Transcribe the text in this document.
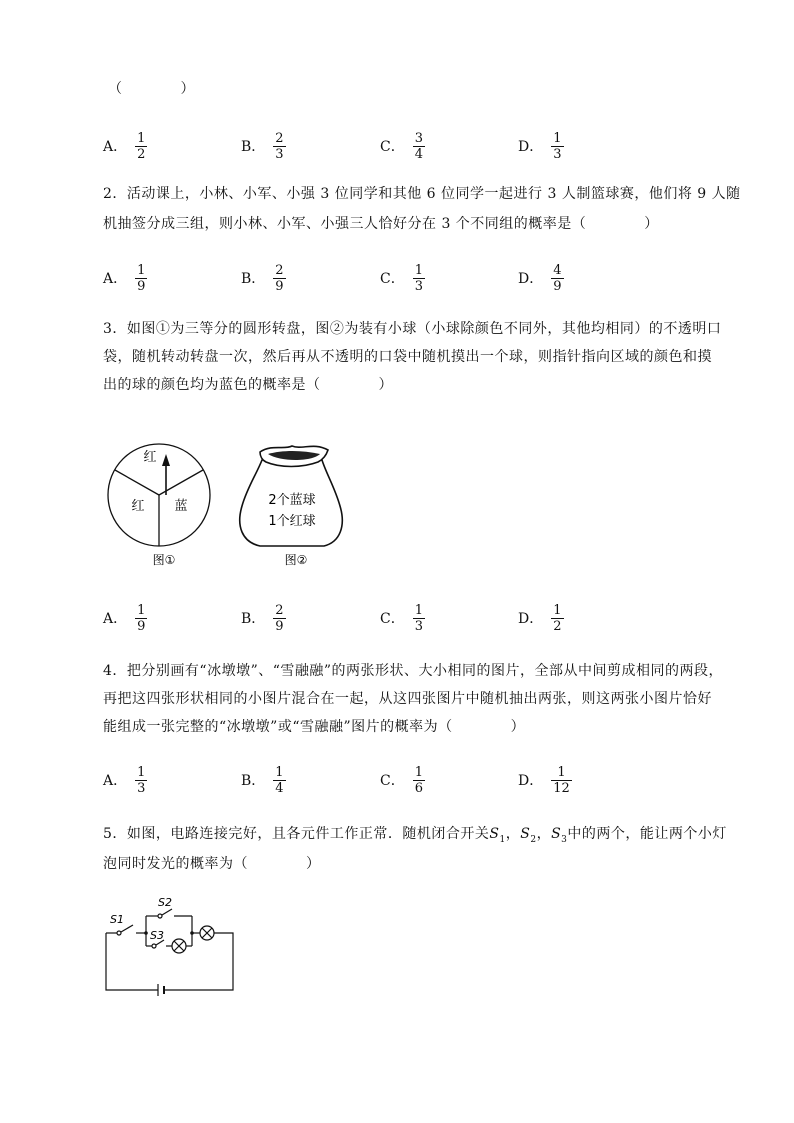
（　　　　）
A． $\frac{1}{2}$	B． $\frac{2}{3}$	C． $\frac{3}{4}$	D． $\frac{1}{3}$
2．活动课上，小林、小军、小强 3 位同学和其他 6 位同学一起进行 3 人制篮球赛，他们将 9 人随
机抽签分成三组，则小林、小军、小强三人恰好分在 3 个不同组的概率是（　　　　）
A． $\frac{1}{9}$	B． $\frac{2}{9}$	C． $\frac{1}{3}$	D． $\frac{4}{9}$
3．如图①为三等分的圆形转盘，图②为装有小球（小球除颜色不同外，其他均相同）的不透明口
袋，随机转动转盘一次，然后再从不透明的口袋中随机摸出一个球，则指针指向区域的颜色和摸
出的球的颜色均为蓝色的概率是（　　　　）
红
红 蓝
图①
2个蓝球
1个红球
图②
A． $\frac{1}{9}$	B． $\frac{2}{9}$	C． $\frac{1}{3}$	D． $\frac{1}{2}$
4．把分别画有“冰墩墩”、“雪融融”的两张形状、大小相同的图片，全部从中间剪成相同的两段，
再把这四张形状相同的小图片混合在一起，从这四张图片中随机抽出两张，则这两张小图片恰好
能组成一张完整的“冰墩墩”或“雪融融”图片的概率为（　　　　）
A． $\frac{1}{3}$	B． $\frac{1}{4}$	C． $\frac{1}{6}$	D． $\frac{1}{12}$
5．如图，电路连接完好，且各元件工作正常．随机闭合开关$S_1$，$S_2$，$S_3$中的两个，能让两个小灯
泡同时发光的概率为（　　　　）
S1
S2
S3
